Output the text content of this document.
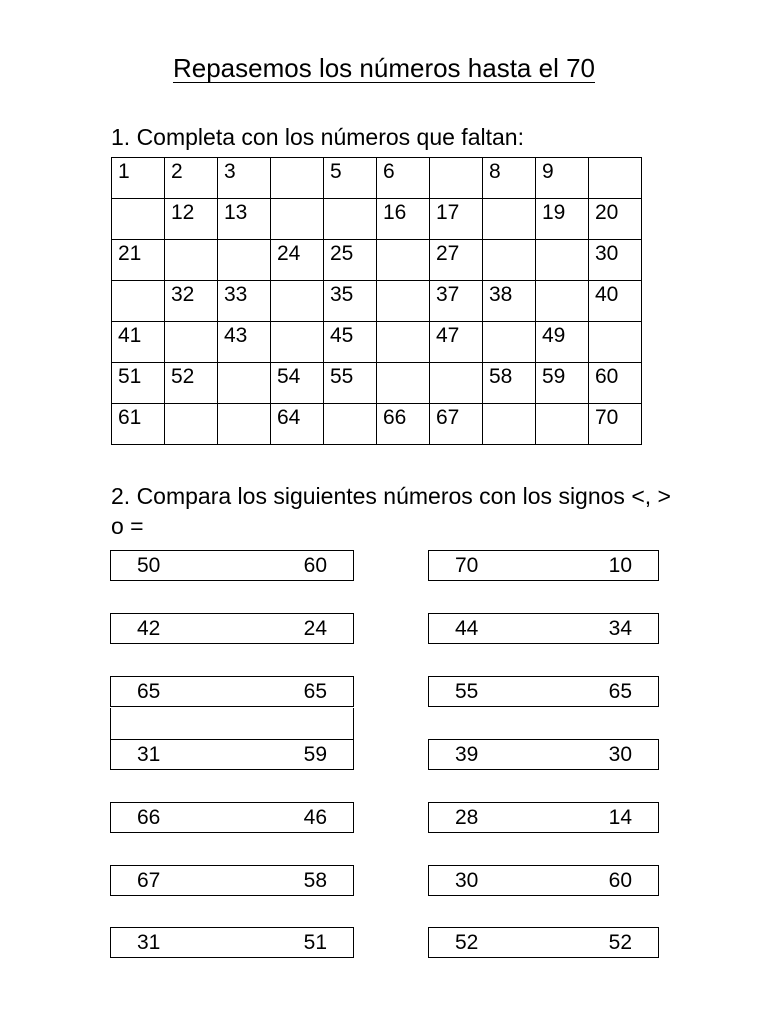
Repasemos los números hasta el 70

1. Completa con los números que faltan:

1	2	3		5	6		8	9	
	12	13			16	17		19	20
21			24	25		27			30
	32	33		35		37	38		40
41		43		45		47		49	
51	52		54	55			58	59	60
61			64		66	67			70

2. Compara los siguientes números con los signos <, > o =

50	60
42	24
65	65
31	59
66	46
67	58
31	51
70	10
44	34
55	65
39	30
28	14
30	60
52	52
